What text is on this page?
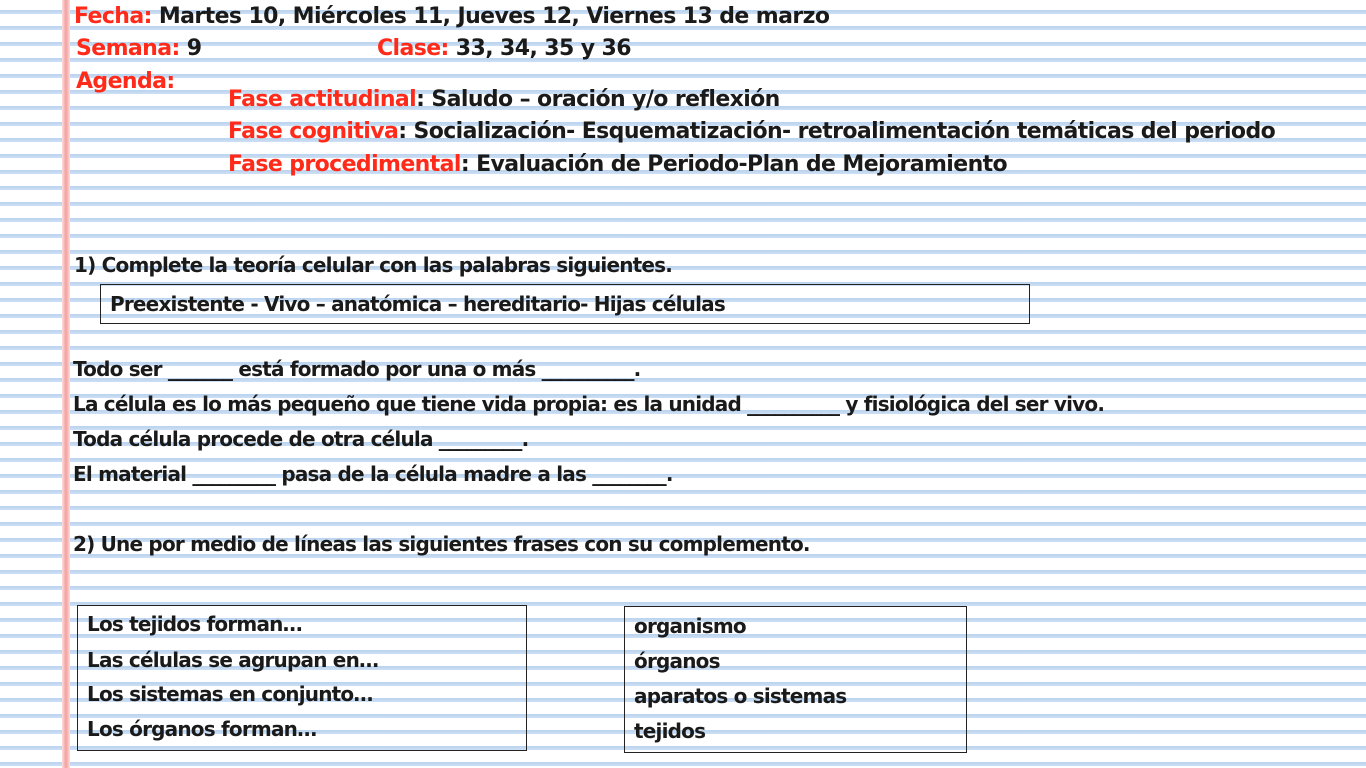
Fecha: Martes 10, Miércoles 11, Jueves 12, Viernes 13 de marzo
Semana: 9	Clase: 33, 34, 35 y 36
Agenda:
Fase actitudinal: Saludo – oración y/o reflexión
Fase cognitiva: Socialización- Esquematización- retroalimentación temáticas del periodo
Fase procedimental: Evaluación de Periodo-Plan de Mejoramiento
1) Complete la teoría celular con las palabras siguientes.
Preexistente - Vivo – anatómica – hereditario- Hijas células
Todo ser _______ está formado por una o más __________.
La célula es lo más pequeño que tiene vida propia: es la unidad __________ y fisiológica del ser vivo.
Toda célula procede de otra célula _________.
El material _________ pasa de la célula madre a las ________.
2) Une por medio de líneas las siguientes frases con su complemento.
Los tejidos forman…
Las células se agrupan en…
Los sistemas en conjunto…
Los órganos forman…
organismo
órganos
aparatos o sistemas
tejidos
